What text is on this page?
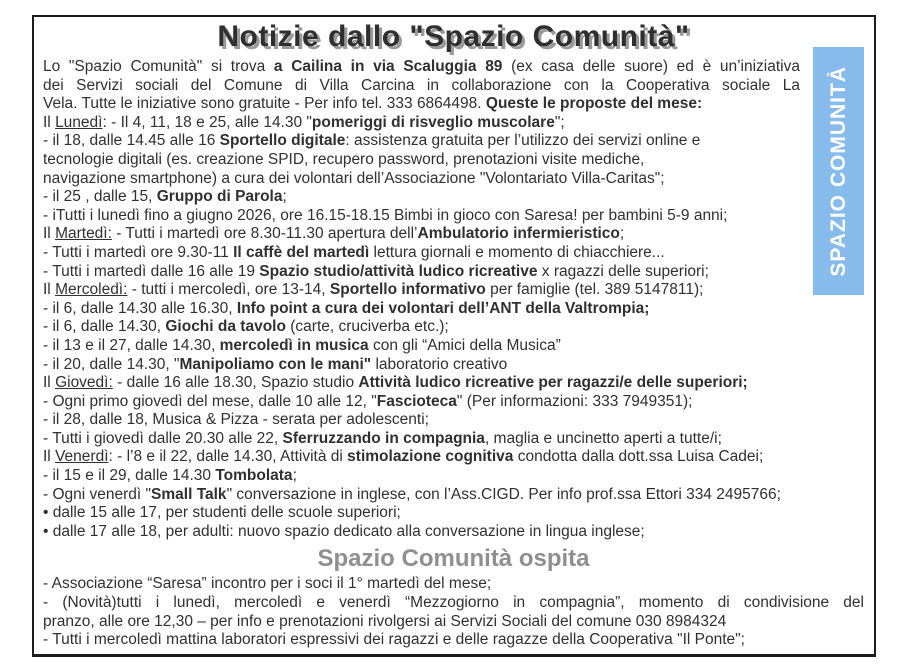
Notizie dallo "Spazio Comunità"
Lo "Spazio Comunità" si trova a Cailina in via Scaluggia 89 (ex casa delle suore) ed è un’iniziativa
dei Servizi sociali del Comune di Villa Carcina in collaborazione con la Cooperativa sociale La
Vela. Tutte le iniziative sono gratuite - Per info tel. 333 6864498. Queste le proposte del mese:
Il Lunedì: - Il 4, 11, 18 e 25, alle 14.30 "pomeriggi di risveglio muscolare";
- il 18, dalle 14.45 alle 16 Sportello digitale: assistenza gratuita per l’utilizzo dei servizi online e
tecnologie digitali (es. creazione SPID, recupero password, prenotazioni visite mediche,
navigazione smartphone) a cura dei volontari dell’Associazione "Volontariato Villa-Caritas";
- il 25 , dalle 15, Gruppo di Parola;
- iTutti i lunedì fino a giugno 2026, ore 16.15-18.15 Bimbi in gioco con Saresa! per bambini 5-9 anni;
Il Martedì: - Tutti i martedì ore 8.30-11.30 apertura dell’Ambulatorio infermieristico;
- Tutti i martedì ore 9.30-11 Il caffè del martedì lettura giornali e momento di chiacchiere...
- Tutti i martedì dalle 16 alle 19 Spazio studio/attività ludico ricreative x ragazzi delle superiori;
Il Mercoledì: - tutti i mercoledì, ore 13-14, Sportello informativo per famiglie (tel. 389 5147811);
- il 6, dalle 14.30 alle 16.30, Info point a cura dei volontari dell’ANT della Valtrompia;
- il 6, dalle 14.30, Giochi da tavolo (carte, cruciverba etc.);
- il 13 e il 27, dalle 14.30, mercoledì in musica con gli “Amici della Musica”
- il 20, dalle 14.30, "Manipoliamo con le mani" laboratorio creativo
Il Giovedì: - dalle 16 alle 18.30, Spazio studio Attività ludico ricreative per ragazzi/e delle superiori;
- Ogni primo giovedì del mese, dalle 10 alle 12, "Fascioteca" (Per informazioni: 333 7949351);
- il 28, dalle 18, Musica & Pizza - serata per adolescenti;
- Tutti i giovedì dalle 20.30 alle 22, Sferruzzando in compagnia, maglia e uncinetto aperti a tutte/i;
Il Venerdì: - l’8 e il 22, dalle 14.30, Attività di stimolazione cognitiva condotta dalla dott.ssa Luisa Cadei;
- il 15 e il 29, dalle 14.30 Tombolata;
- Ogni venerdì "Small Talk" conversazione in inglese, con l’Ass.CIGD. Per info prof.ssa Ettori 334 2495766;
• dalle 15 alle 17, per studenti delle scuole superiori;
• dalle 17 alle 18, per adulti: nuovo spazio dedicato alla conversazione in lingua inglese;
Spazio Comunità ospita
- Associazione “Saresa” incontro per i soci il 1° martedì del mese;
- (Novità)tutti i lunedì, mercoledì e venerdì “Mezzogiorno in compagnia”, momento di condivisione del
pranzo, alle ore 12,30 – per info e prenotazioni rivolgersi ai Servizi Sociali del comune 030 8984324
- Tutti i mercoledì mattina laboratori espressivi dei ragazzi e delle ragazze della Cooperativa "Il Ponte";
SPAZIO COMUNITÀ
